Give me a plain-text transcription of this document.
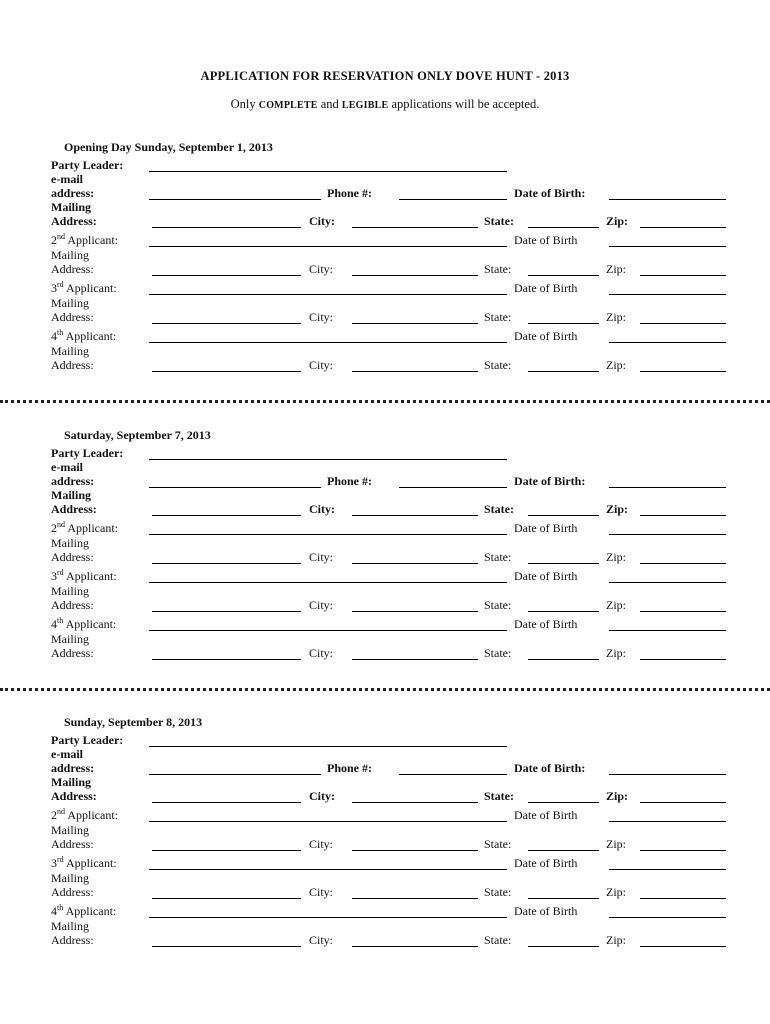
APPLICATION FOR RESERVATION ONLY DOVE HUNT - 2013
Only COMPLETE and LEGIBLE applications will be accepted.
Opening Day Sunday, September 1, 2013
Party Leader:
e-mail
address:	Phone #:	Date of Birth:
Mailing
Address:	City:	State:	Zip:
2nd Applicant:	Date of Birth
Mailing
Address:	City:	State:	Zip:
3rd Applicant:	Date of Birth
Mailing
Address:	City:	State:	Zip:
4th Applicant:	Date of Birth
Mailing
Address:	City:	State:	Zip:
Saturday, September 7, 2013
Party Leader:
e-mail
address:	Phone #:	Date of Birth:
Mailing
Address:	City:	State:	Zip:
2nd Applicant:	Date of Birth
Mailing
Address:	City:	State:	Zip:
3rd Applicant:	Date of Birth
Mailing
Address:	City:	State:	Zip:
4th Applicant:	Date of Birth
Mailing
Address:	City:	State:	Zip:
Sunday, September 8, 2013
Party Leader:
e-mail
address:	Phone #:	Date of Birth:
Mailing
Address:	City:	State:	Zip:
2nd Applicant:	Date of Birth
Mailing
Address:	City:	State:	Zip:
3rd Applicant:	Date of Birth
Mailing
Address:	City:	State:	Zip:
4th Applicant:	Date of Birth
Mailing
Address:	City:	State:	Zip:
